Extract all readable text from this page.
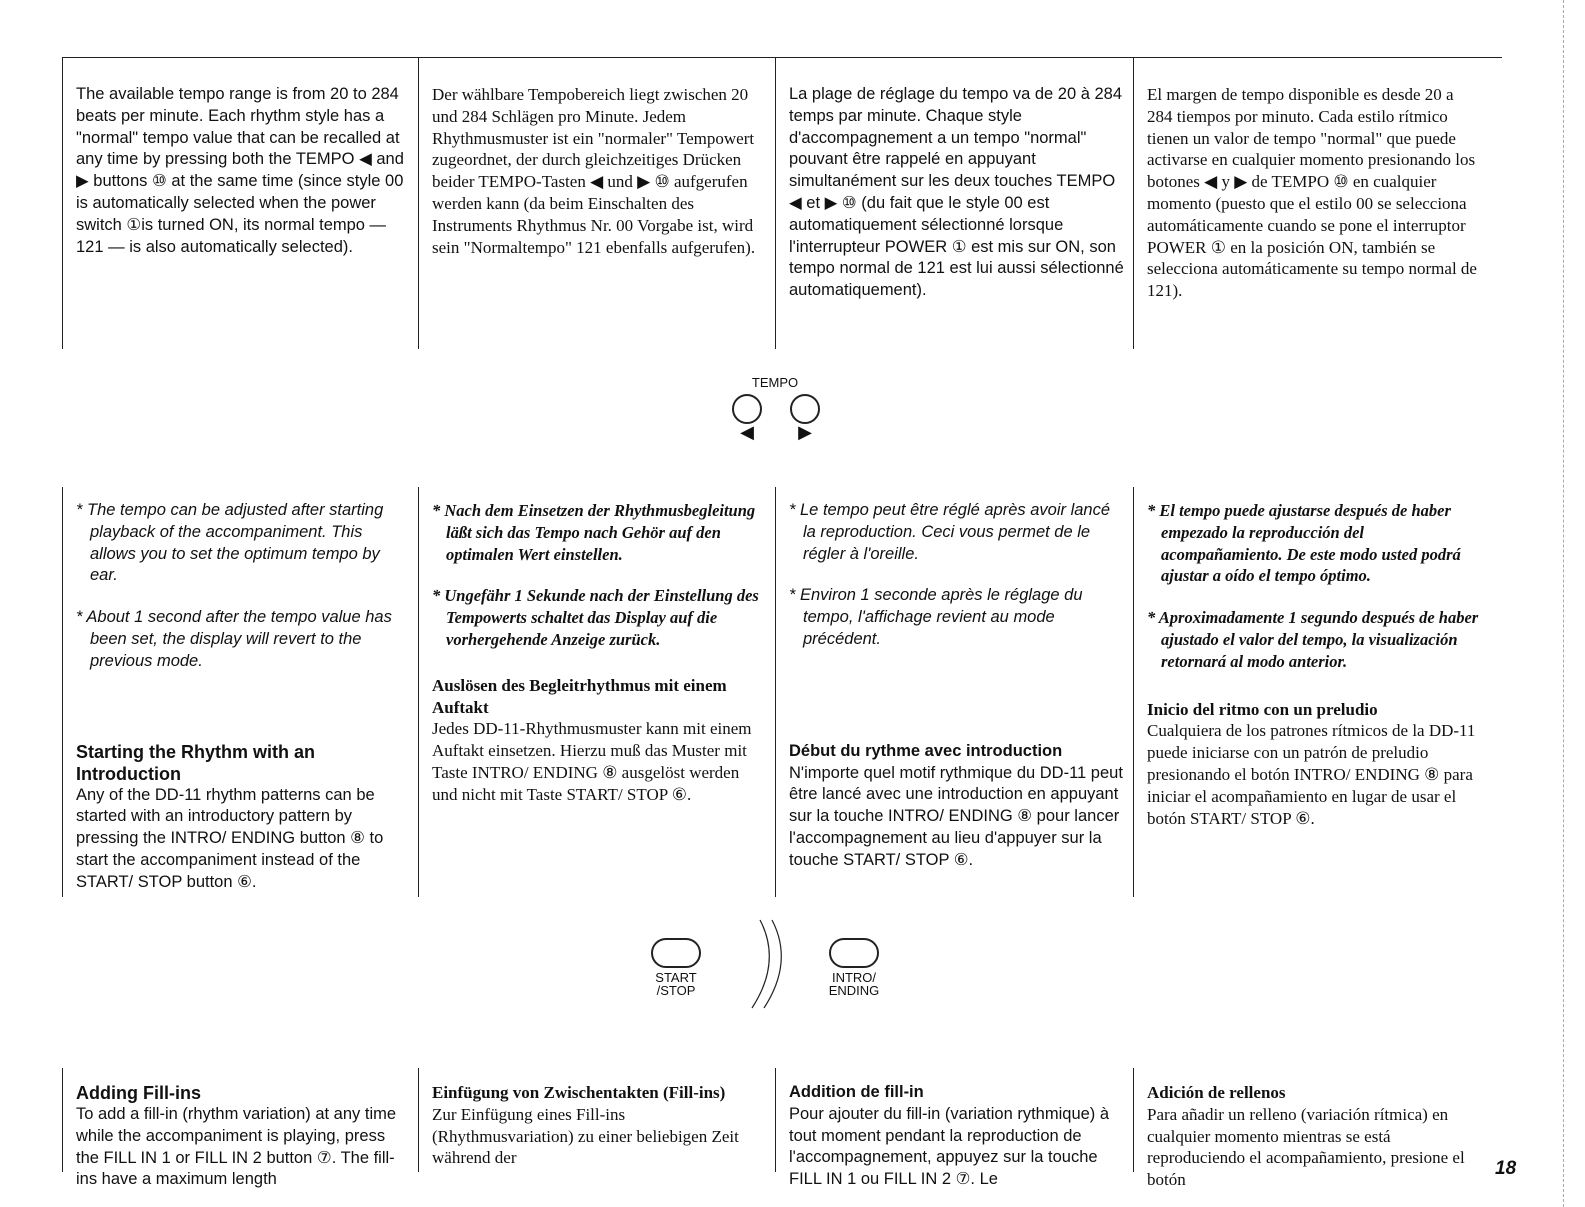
The available tempo range is from 20 to 284 beats per minute. Each rhythm style has a "normal" tempo value that can be recalled at any time by pressing both the TEMPO ◀ and ▶ buttons ⑩ at the same time (since style 00 is automatically selected when the power switch ①is turned ON, its normal tempo — 121 — is also automatically selected).

Der wählbare Tempobereich liegt zwischen 20 und 284 Schlägen pro Minute. Jedem Rhythmusmuster ist ein "normaler" Tempowert zugeordnet, der durch gleichzeitiges Drücken beider TEMPO-Tasten ◀ und ▶ ⑩ aufgerufen werden kann (da beim Einschalten des Instruments Rhythmus Nr. 00 Vorgabe ist, wird sein "Normaltempo" 121 ebenfalls aufgerufen).

La plage de réglage du tempo va de 20 à 284 temps par minute. Chaque style d'accompagnement a un tempo "normal" pouvant être rappelé en appuyant simultanément sur les deux touches TEMPO ◀ et ▶ ⑩ (du fait que le style 00 est automatiquement sélectionné lorsque l'interrupteur POWER ① est mis sur ON, son tempo normal de 121 est lui aussi sélectionné automatiquement).

El margen de tempo disponible es desde 20 a 284 tiempos por minuto. Cada estilo rítmico tienen un valor de tempo "normal" que puede activarse en cualquier momento presionando los botones ◀ y ▶ de TEMPO ⑩ en cualquier momento (puesto que el estilo 00 se selecciona automáticamente cuando se pone el interruptor POWER ① en la posición ON, también se selecciona automáticamente su tempo normal de 121).

TEMPO
◀	▶

* The tempo can be adjusted after starting playback of the accompaniment. This allows you to set the optimum tempo by ear.

* About 1 second after the tempo value has been set, the display will revert to the previous mode.

Starting the Rhythm with an Introduction

Any of the DD-11 rhythm patterns can be started with an introductory pattern by pressing the INTRO/ ENDING button ⑧ to start the accompaniment instead of the START/ STOP button ⑥.

* Nach dem Einsetzen der Rhythmusbegleitung läßt sich das Tempo nach Gehör auf den optimalen Wert einstellen.

* Ungefähr 1 Sekunde nach der Einstellung des Tempowerts schaltet das Display auf die vorhergehende Anzeige zurück.

Auslösen des Begleitrhythmus mit einem Auftakt

Jedes DD-11-Rhythmusmuster kann mit einem Auftakt einsetzen. Hierzu muß das Muster mit Taste INTRO/ ENDING ⑧ ausgelöst werden und nicht mit Taste START/ STOP ⑥.

* Le tempo peut être réglé après avoir lancé la reproduction. Ceci vous permet de le régler à l'oreille.

* Environ 1 seconde après le réglage du tempo, l'affichage revient au mode précédent.

Début du rythme avec introduction

N'importe quel motif rythmique du DD-11 peut être lancé avec une introduction en appuyant sur la touche INTRO/ ENDING ⑧ pour lancer l'accompagnement au lieu d'appuyer sur la touche START/ STOP ⑥.

* El tempo puede ajustarse después de haber empezado la reproducción del acompañamiento. De este modo usted podrá ajustar a oído el tempo óptimo.

* Aproximadamente 1 segundo después de haber ajustado el valor del tempo, la visualización retornará al modo anterior.

Inicio del ritmo con un preludio

Cualquiera de los patrones rítmicos de la DD-11 puede iniciarse con un patrón de preludio presionando el botón INTRO/ ENDING ⑧ para iniciar el acompañamiento en lugar de usar el botón START/ STOP ⑥.

START
/STOP
INTRO/
ENDING

Adding Fill-ins

To add a fill-in (rhythm variation) at any time while the accompaniment is playing, press the FILL IN 1 or FILL IN 2 button ⑦. The fill-ins have a maximum length

Einfügung von Zwischentakten (Fill-ins)

Zur Einfügung eines Fill-ins (Rhythmusvariation) zu einer beliebigen Zeit während der

Addition de fill-in

Pour ajouter du fill-in (variation rythmique) à tout moment pendant la reproduction de l'accompagnement, appuyez sur la touche FILL IN 1 ou FILL IN 2 ⑦. Le

Adición de rellenos

Para añadir un relleno (variación rítmica) en cualquier momento mientras se está reproduciendo el acompañamiento, presione el botón

18
